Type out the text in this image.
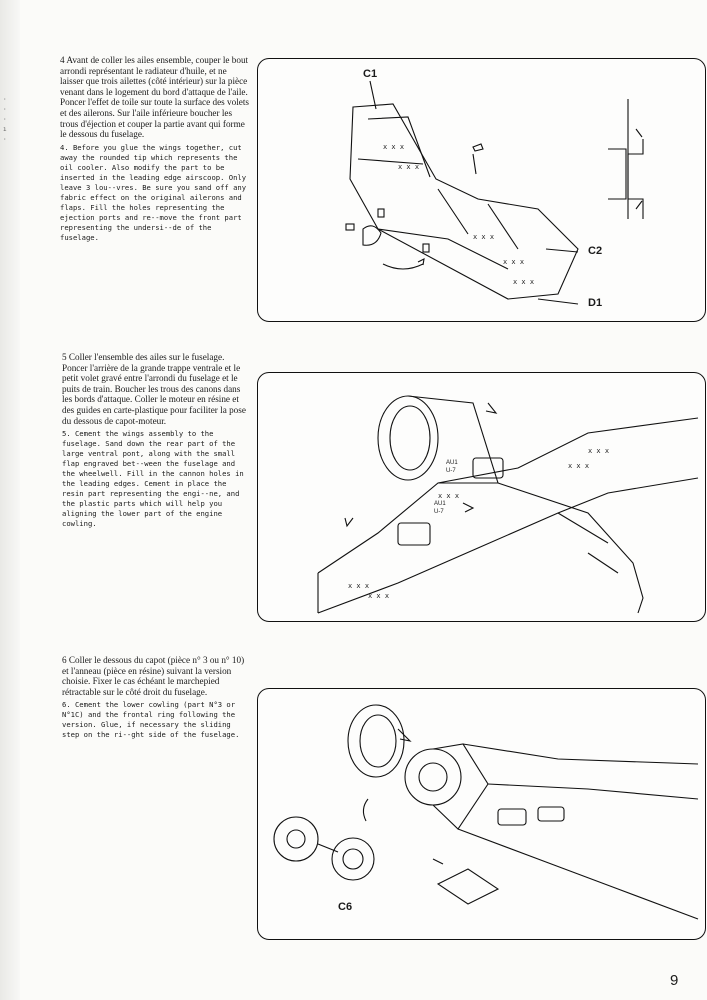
·
·
·
ı
·

4 Avant de coller les ailes ensemble, couper le bout arrondi représentant le radiateur d'huile, et ne laisser que trois ailettes (côté intérieur) sur la pièce venant dans le logement du bord d'attaque de l'aile. Poncer l'effet de toile sur toute la surface des volets et des ailerons. Sur l'aile inférieure boucher les trous d'éjection et couper la partie avant qui forme le dessous du fuselage.

4. Before you glue the wings together, cut away the rounded tip which represents the oil cooler. Also modify the part to be inserted in the leading edge airscoop. Only leave 3 lou--vres. Be sure you sand off any fabric effect on the original ailerons and flaps. Fill the holes representing the ejection ports and re--move the front part representing the undersi--de of the fuselage.

5 Coller l'ensemble des ailes sur le fuselage. Poncer l'arrière de la grande trappe ventrale et le petit volet gravé entre l'arrondi du fuselage et le puits de train. Boucher les trous des canons dans les bords d'attaque. Coller le moteur en résine et des guides en carte-plastique pour faciliter la pose du dessous de capot-moteur.

5. Cement the wings assembly to the fuselage. Sand down the rear part of the large ventral pont, along with the small flap engraved bet--ween the fuselage and the wheelwell. Fill in the cannon holes in the leading edges. Cement in place the resin part representing the engi--ne, and the plastic parts which will help you aligning the lower part of the engine cowling.

6 Coller le dessous du capot (pièce n° 3 ou n° 10) et l'anneau (pièce en résine) suivant la version choisie. Fixer le cas échéant le marchepied rétractable sur le côté droit du fuselage.

6. Cement the lower cowling (part N°3 or N°1C) and the frontal ring following the version. Glue, if necessary the sliding step on the ri--ght side of the fuselage.

x x x
x x x
x x x
x x x
x x x
C1
C2
D1
x x x
x x x
x x x
x x x
x x x
AU1
U-7
AU1
U-7
C6
9
